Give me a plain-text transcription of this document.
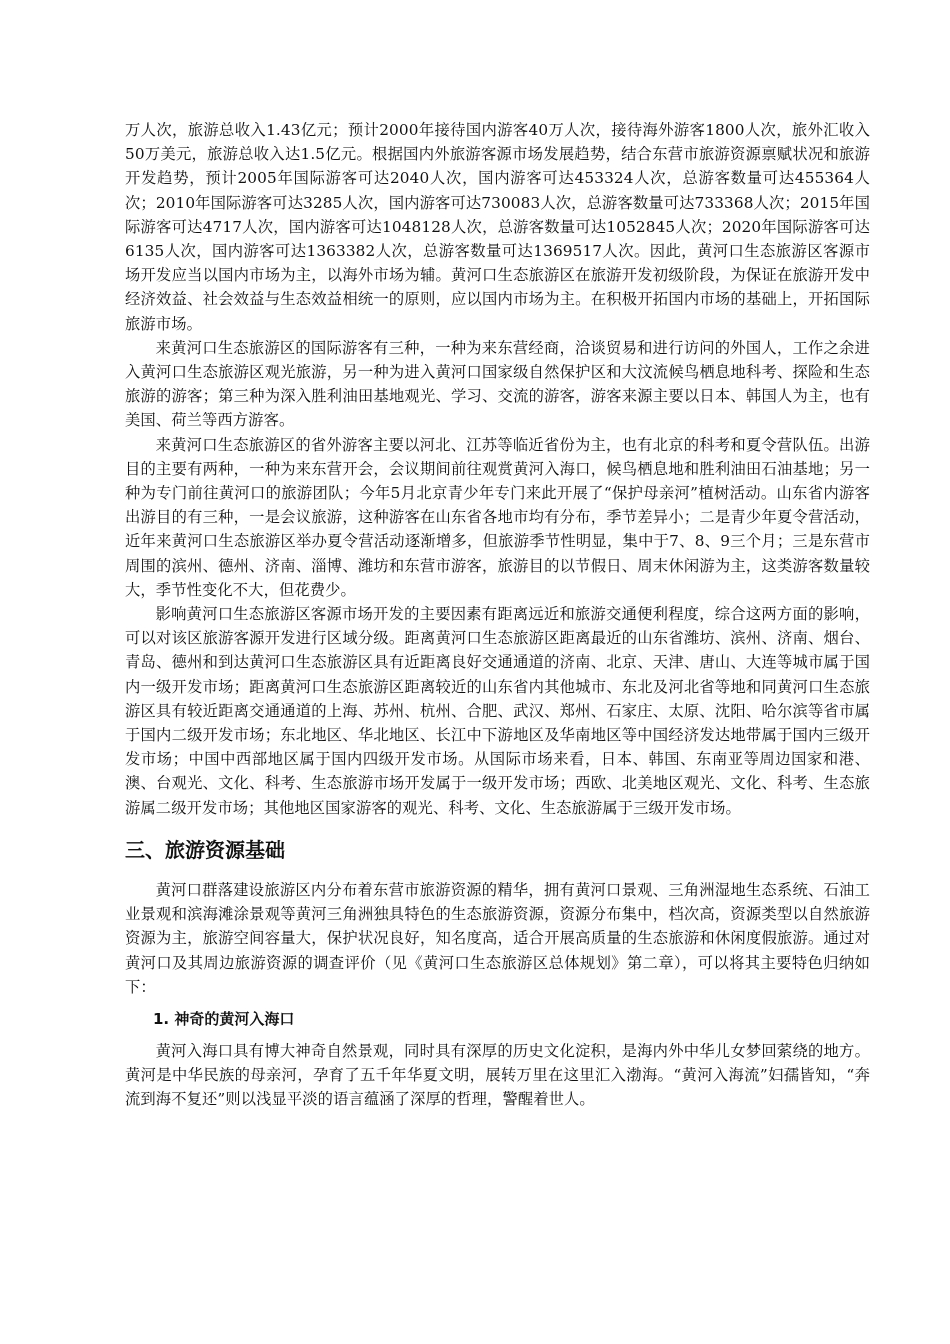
万人次，旅游总收入1.43亿元；预计2000年接待国内游客40万人次，接待海外游客1800人次，旅外汇收入50万美元，旅游总收入达1.5亿元。根据国内外旅游客源市场发展趋势，结合东营市旅游资源禀赋状况和旅游开发趋势，预计2005年国际游客可达2040人次，国内游客可达453324人次，总游客数量可达455364人次；2010年国际游客可达3285人次，国内游客可达730083人次，总游客数量可达733368人次；2015年国际游客可达4717人次，国内游客可达1048128人次，总游客数量可达1052845人次；2020年国际游客可达6135人次，国内游客可达1363382人次，总游客数量可达1369517人次。因此，黄河口生态旅游区客源市场开发应当以国内市场为主，以海外市场为辅。黄河口生态旅游区在旅游开发初级阶段，为保证在旅游开发中经济效益、社会效益与生态效益相统一的原则，应以国内市场为主。在积极开拓国内市场的基础上，开拓国际旅游市场。

来黄河口生态旅游区的国际游客有三种，一种为来东营经商，洽谈贸易和进行访问的外国人，工作之余进入黄河口生态旅游区观光旅游，另一种为进入黄河口国家级自然保护区和大汶流候鸟栖息地科考、探险和生态旅游的游客；第三种为深入胜利油田基地观光、学习、交流的游客，游客来源主要以日本、韩国人为主，也有美国、荷兰等西方游客。

来黄河口生态旅游区的省外游客主要以河北、江苏等临近省份为主，也有北京的科考和夏令营队伍。出游目的主要有两种，一种为来东营开会，会议期间前往观赏黄河入海口，候鸟栖息地和胜利油田石油基地；另一种为专门前往黄河口的旅游团队；今年5月北京青少年专门来此开展了“保护母亲河”植树活动。山东省内游客出游目的有三种，一是会议旅游，这种游客在山东省各地市均有分布，季节差异小；二是青少年夏令营活动，近年来黄河口生态旅游区举办夏令营活动逐渐增多，但旅游季节性明显，集中于7、8、9三个月；三是东营市周围的滨州、德州、济南、淄博、潍坊和东营市游客，旅游目的以节假日、周末休闲游为主，这类游客数量较大，季节性变化不大，但花费少。

影响黄河口生态旅游区客源市场开发的主要因素有距离远近和旅游交通便利程度，综合这两方面的影响，可以对该区旅游客源开发进行区域分级。距离黄河口生态旅游区距离最近的山东省潍坊、滨州、济南、烟台、青岛、德州和到达黄河口生态旅游区具有近距离良好交通通道的济南、北京、天津、唐山、大连等城市属于国内一级开发市场；距离黄河口生态旅游区距离较近的山东省内其他城市、东北及河北省等地和同黄河口生态旅游区具有较近距离交通通道的上海、苏州、杭州、合肥、武汉、郑州、石家庄、太原、沈阳、哈尔滨等省市属于国内二级开发市场；东北地区、华北地区、长江中下游地区及华南地区等中国经济发达地带属于国内三级开发市场；中国中西部地区属于国内四级开发市场。从国际市场来看，日本、韩国、东南亚等周边国家和港、澳、台观光、文化、科考、生态旅游市场开发属于一级开发市场；西欧、北美地区观光、文化、科考、生态旅游属二级开发市场；其他地区国家游客的观光、科考、文化、生态旅游属于三级开发市场。

三、旅游资源基础

黄河口群落建设旅游区内分布着东营市旅游资源的精华，拥有黄河口景观、三角洲湿地生态系统、石油工业景观和滨海滩涂景观等黄河三角洲独具特色的生态旅游资源，资源分布集中，档次高，资源类型以自然旅游资源为主，旅游空间容量大，保护状况良好，知名度高，适合开展高质量的生态旅游和休闲度假旅游。通过对黄河口及其周边旅游资源的调查评价（见《黄河口生态旅游区总体规划》第二章），可以将其主要特色归纳如下：

1. 神奇的黄河入海口

黄河入海口具有博大神奇自然景观，同时具有深厚的历史文化淀积，是海内外中华儿女梦回萦绕的地方。黄河是中华民族的母亲河，孕育了五千年华夏文明，展转万里在这里汇入渤海。“黄河入海流”妇孺皆知，“奔流到海不复还”则以浅显平淡的语言蕴涵了深厚的哲理，警醒着世人。
